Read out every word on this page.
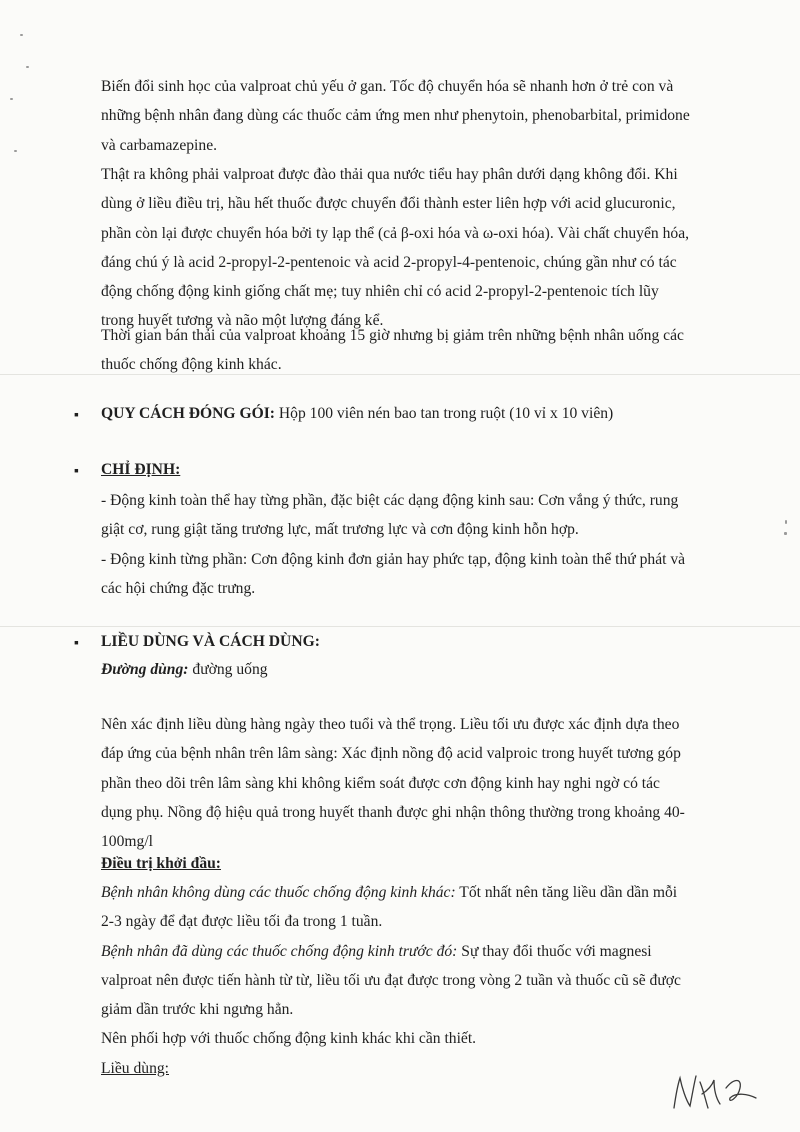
Biến đổi sinh học của valproat chủ yếu ở gan. Tốc độ chuyển hóa sẽ nhanh hơn ở trẻ con và
những bệnh nhân đang dùng các thuốc cảm ứng men như phenytoin, phenobarbital, primidone
và carbamazepine.
Thật ra không phải valproat được đào thải qua nước tiểu hay phân dưới dạng không đổi. Khi
dùng ở liều điều trị, hầu hết thuốc được chuyển đổi thành ester liên hợp với acid glucuronic,
phần còn lại được chuyển hóa bởi ty lạp thể (cả β-oxi hóa và ω-oxi hóa). Vài chất chuyển hóa,
đáng chú ý là acid 2-propyl-2-pentenoic và acid 2-propyl-4-pentenoic, chúng gần như có tác
động chống động kinh giống chất mẹ; tuy nhiên chỉ có acid 2-propyl-2-pentenoic tích lũy
trong huyết tương và não một lượng đáng kể.
Thời gian bán thải của valproat khoảng 15 giờ nhưng bị giảm trên những bệnh nhân uống các
thuốc chống động kinh khác.
▪ QUY CÁCH ĐÓNG GÓI: Hộp 100 viên nén bao tan trong ruột (10 vỉ x 10 viên)
▪ CHỈ ĐỊNH:
- Động kinh toàn thể hay từng phần, đặc biệt các dạng động kinh sau: Cơn vắng ý thức, rung
giật cơ, rung giật tăng trương lực, mất trương lực và cơn động kinh hỗn hợp.
- Động kinh từng phần: Cơn động kinh đơn giản hay phức tạp, động kinh toàn thể thứ phát và
các hội chứng đặc trưng.
▪ LIỀU DÙNG VÀ CÁCH DÙNG:
Đường dùng: đường uống
Nên xác định liều dùng hàng ngày theo tuổi và thể trọng. Liều tối ưu được xác định dựa theo
đáp ứng của bệnh nhân trên lâm sàng: Xác định nồng độ acid valproic trong huyết tương góp
phần theo dõi trên lâm sàng khi không kiểm soát được cơn động kinh hay nghi ngờ có tác
dụng phụ. Nồng độ hiệu quả trong huyết thanh được ghi nhận thông thường trong khoảng 40-
100mg/l
Điều trị khởi đầu:
Bệnh nhân không dùng các thuốc chống động kinh khác: Tốt nhất nên tăng liều dần dần mỗi
2-3 ngày để đạt được liều tối đa trong 1 tuần.
Bệnh nhân đã dùng các thuốc chống động kinh trước đó: Sự thay đổi thuốc với magnesi
valproat nên được tiến hành từ từ, liều tối ưu đạt được trong vòng 2 tuần và thuốc cũ sẽ được
giảm dần trước khi ngưng hẳn.
Nên phối hợp với thuốc chống động kinh khác khi cần thiết.
Liều dùng:
